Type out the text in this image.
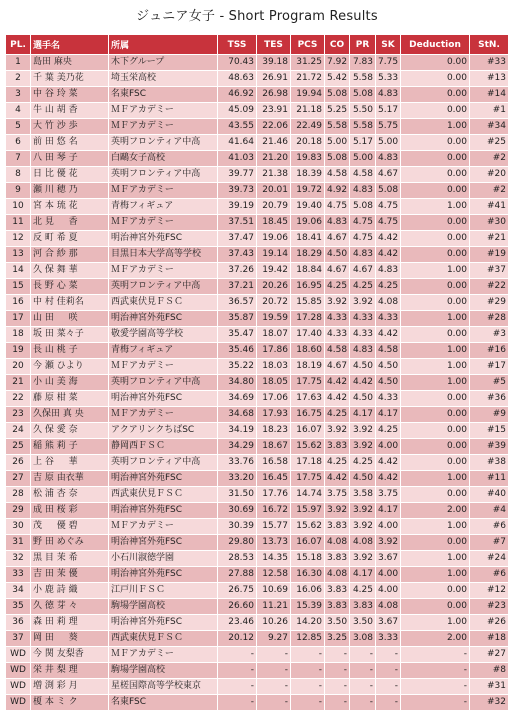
ジュニア女子 - Short Program Results
PL.	選手名	所属	TSS	TES	PCS	CO	PR	SK	Deduction	StN.
1	島田 麻央	木下グループ	70.43	39.18	31.25	7.92	7.83	7.75	0.00	#33
2	千 葉 美乃花	埼玉栄高校	48.63	26.91	21.72	5.42	5.58	5.33	0.00	#13
3	中 谷 玲 菜	名東FSC	46.92	26.98	19.94	5.08	5.08	4.83	0.00	#14
4	牛 山 胡 香	ＭＦアカデミー	45.09	23.91	21.18	5.25	5.50	5.17	0.00	#1
5	大 竹 沙 歩	ＭＦアカデミー	43.55	22.06	22.49	5.58	5.58	5.75	1.00	#34
6	前 田 悠 名	英明フロンティア中高	41.64	21.46	20.18	5.00	5.17	5.00	0.00	#25
7	八 田 琴 子	白鷗女子高校	41.03	21.20	19.83	5.08	5.00	4.83	0.00	#2
8	日 比 優 花	英明フロンティア中高	39.77	21.38	18.39	4.58	4.58	4.67	0.00	#20
9	瀬 川 穂 乃	ＭＦアカデミー	39.73	20.01	19.72	4.92	4.83	5.08	0.00	#2
10	宮 本 琉 花	青梅フィギュア	39.19	20.79	19.40	4.75	5.08	4.75	1.00	#41
11	北 見 　 香	ＭＦアカデミー	37.51	18.45	19.06	4.83	4.75	4.75	0.00	#30
12	反 町 希 夏	明治神宮外苑FSC	37.47	19.06	18.41	4.67	4.75	4.42	0.00	#21
13	河 合 紗 那	目黒日本大学高等学校	37.43	19.14	18.29	4.50	4.83	4.42	0.00	#19
14	久 保 舞 華	ＭＦアカデミー	37.26	19.42	18.84	4.67	4.67	4.83	1.00	#37
15	長 野 心 菜	英明フロンティア中高	37.21	20.26	16.95	4.25	4.25	4.25	0.00	#22
16	中 村 佳莉名	西武東伏見ＦＳＣ	36.57	20.72	15.85	3.92	3.92	4.08	0.00	#29
17	山 田 　 咲	明治神宮外苑FSC	35.87	19.59	17.28	4.33	4.33	4.33	1.00	#28
18	坂 田 菜々子	敬愛学園高等学校	35.47	18.07	17.40	4.33	4.33	4.42	0.00	#3
19	長 山 桃 子	青梅フィギュア	35.46	17.86	18.60	4.58	4.83	4.58	1.00	#16
20	今 瀬 ひより	ＭＦアカデミー	35.22	18.03	18.19	4.67	4.50	4.50	1.00	#17
21	小 山 美 海	英明フロンティア中高	34.80	18.05	17.75	4.42	4.42	4.50	1.00	#5
22	藤 原 柑 菜	明治神宮外苑FSC	34.69	17.06	17.63	4.42	4.50	4.33	0.00	#36
23	久保田 真 央	ＭＦアカデミー	34.68	17.93	16.75	4.25	4.17	4.17	0.00	#9
24	久 保 愛 奈	アクアリンクちばSC	34.19	18.23	16.07	3.92	3.92	4.25	0.00	#15
25	稲 熊 莉 子	静岡西ＦＳＣ	34.29	18.67	15.62	3.83	3.92	4.00	0.00	#39
26	上 谷 　 華	英明フロンティア中高	33.76	16.58	17.18	4.25	4.25	4.42	0.00	#38
27	吉 原 由衣華	明治神宮外苑FSC	33.20	16.45	17.75	4.42	4.50	4.42	1.00	#11
28	松 浦 杏 奈	西武東伏見ＦＳＣ	31.50	17.76	14.74	3.75	3.58	3.75	0.00	#40
29	成 田 桜 彩	明治神宮外苑FSC	30.69	16.72	15.97	3.92	3.92	4.17	2.00	#4
30	茂 　 優 碧	ＭＦアカデミー	30.39	15.77	15.62	3.83	3.92	4.00	1.00	#6
31	野 田 めぐみ	明治神宮外苑FSC	29.80	13.73	16.07	4.08	4.08	3.92	0.00	#7
32	黒 目 茉 希	小石川淑徳学園	28.53	14.35	15.18	3.83	3.92	3.67	1.00	#24
33	吉 田 茉 優	明治神宮外苑FSC	27.88	12.58	16.30	4.08	4.17	4.00	1.00	#6
34	小 鹿 詩 織	江戸川ＦＳＣ	26.75	10.69	16.06	3.83	4.25	4.00	0.00	#12
35	久 徳 芽 々	駒場学園高校	26.60	11.21	15.39	3.83	3.83	4.08	0.00	#23
36	森 田 莉 理	明治神宮外苑FSC	23.46	10.26	14.20	3.50	3.50	3.67	1.00	#26
37	岡 田 　 葵	西武東伏見ＦＳＣ	20.12	9.27	12.85	3.25	3.08	3.33	2.00	#18
WD	今 関 友梨香	ＭＦアカデミー	-	-	-	-	-	-	-	#27
WD	栄 井 梨 理	駒場学園高校	-	-	-	-	-	-	-	#8
WD	増 渕 彩 月	星槎国際高等学校東京	-	-	-	-	-	-	-	#31
WD	榎 本 ミ ク	名東FSC	-	-	-	-	-	-	-	#32
